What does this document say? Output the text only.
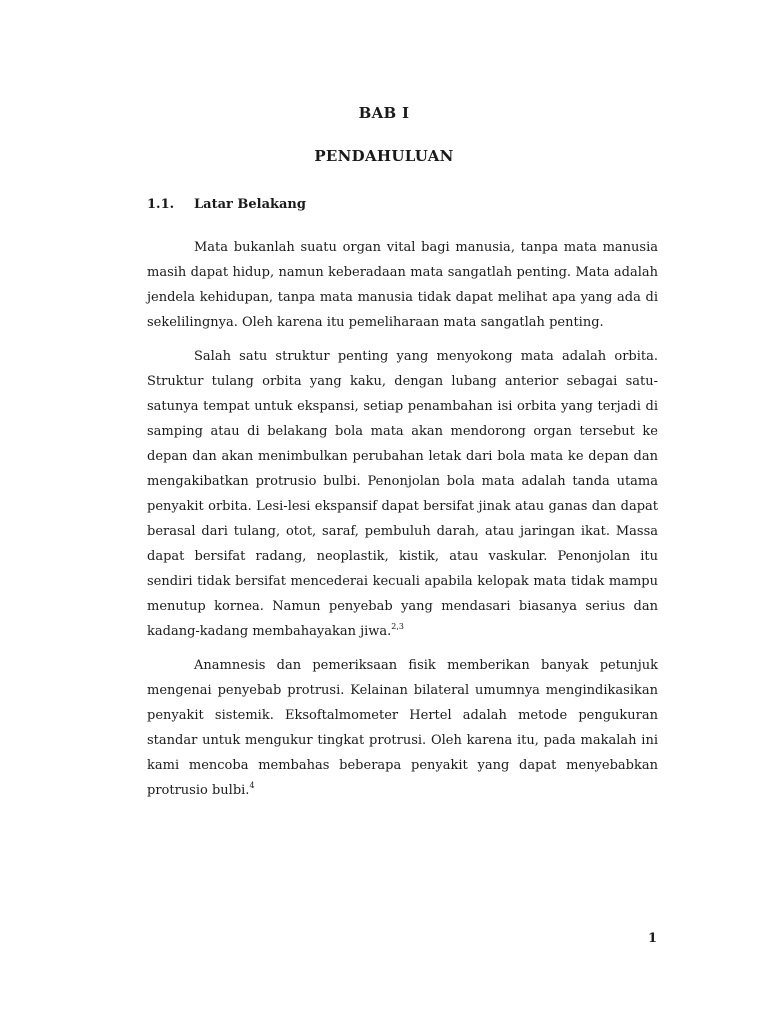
BAB I
PENDAHULUAN
1.1. Latar Belakang

Mata bukanlah suatu organ vital bagi manusia, tanpa mata manusia masih dapat hidup, namun keberadaan mata sangatlah penting. Mata adalah jendela kehidupan, tanpa mata manusia tidak dapat melihat apa yang ada di sekelilingnya. Oleh karena itu pemeliharaan mata sangatlah penting.

Salah satu struktur penting yang menyokong mata adalah orbita. Struktur tulang orbita yang kaku, dengan lubang anterior sebagai satu-satunya tempat untuk ekspansi, setiap penambahan isi orbita yang terjadi di samping atau di belakang bola mata akan mendorong organ tersebut ke depan dan akan menimbulkan perubahan letak dari bola mata ke depan dan mengakibatkan protrusio bulbi. Penonjolan bola mata adalah tanda utama penyakit orbita. Lesi-lesi ekspansif dapat bersifat jinak atau ganas dan dapat berasal dari tulang, otot, saraf, pembuluh darah, atau jaringan ikat. Massa dapat bersifat radang, neoplastik, kistik, atau vaskular. Penonjolan itu sendiri tidak bersifat mencederai kecuali apabila kelopak mata tidak mampu menutup kornea. Namun penyebab yang mendasari biasanya serius dan kadang-kadang membahayakan jiwa.$^{2,3}$

Anamnesis dan pemeriksaan fisik memberikan banyak petunjuk mengenai penyebab protrusi. Kelainan bilateral umumnya mengindikasikan penyakit sistemik. Eksoftalmometer Hertel adalah metode pengukuran standar untuk mengukur tingkat protrusi. Oleh karena itu, pada makalah ini kami mencoba membahas beberapa penyakit yang dapat menyebabkan protrusio bulbi.$^4$

1
